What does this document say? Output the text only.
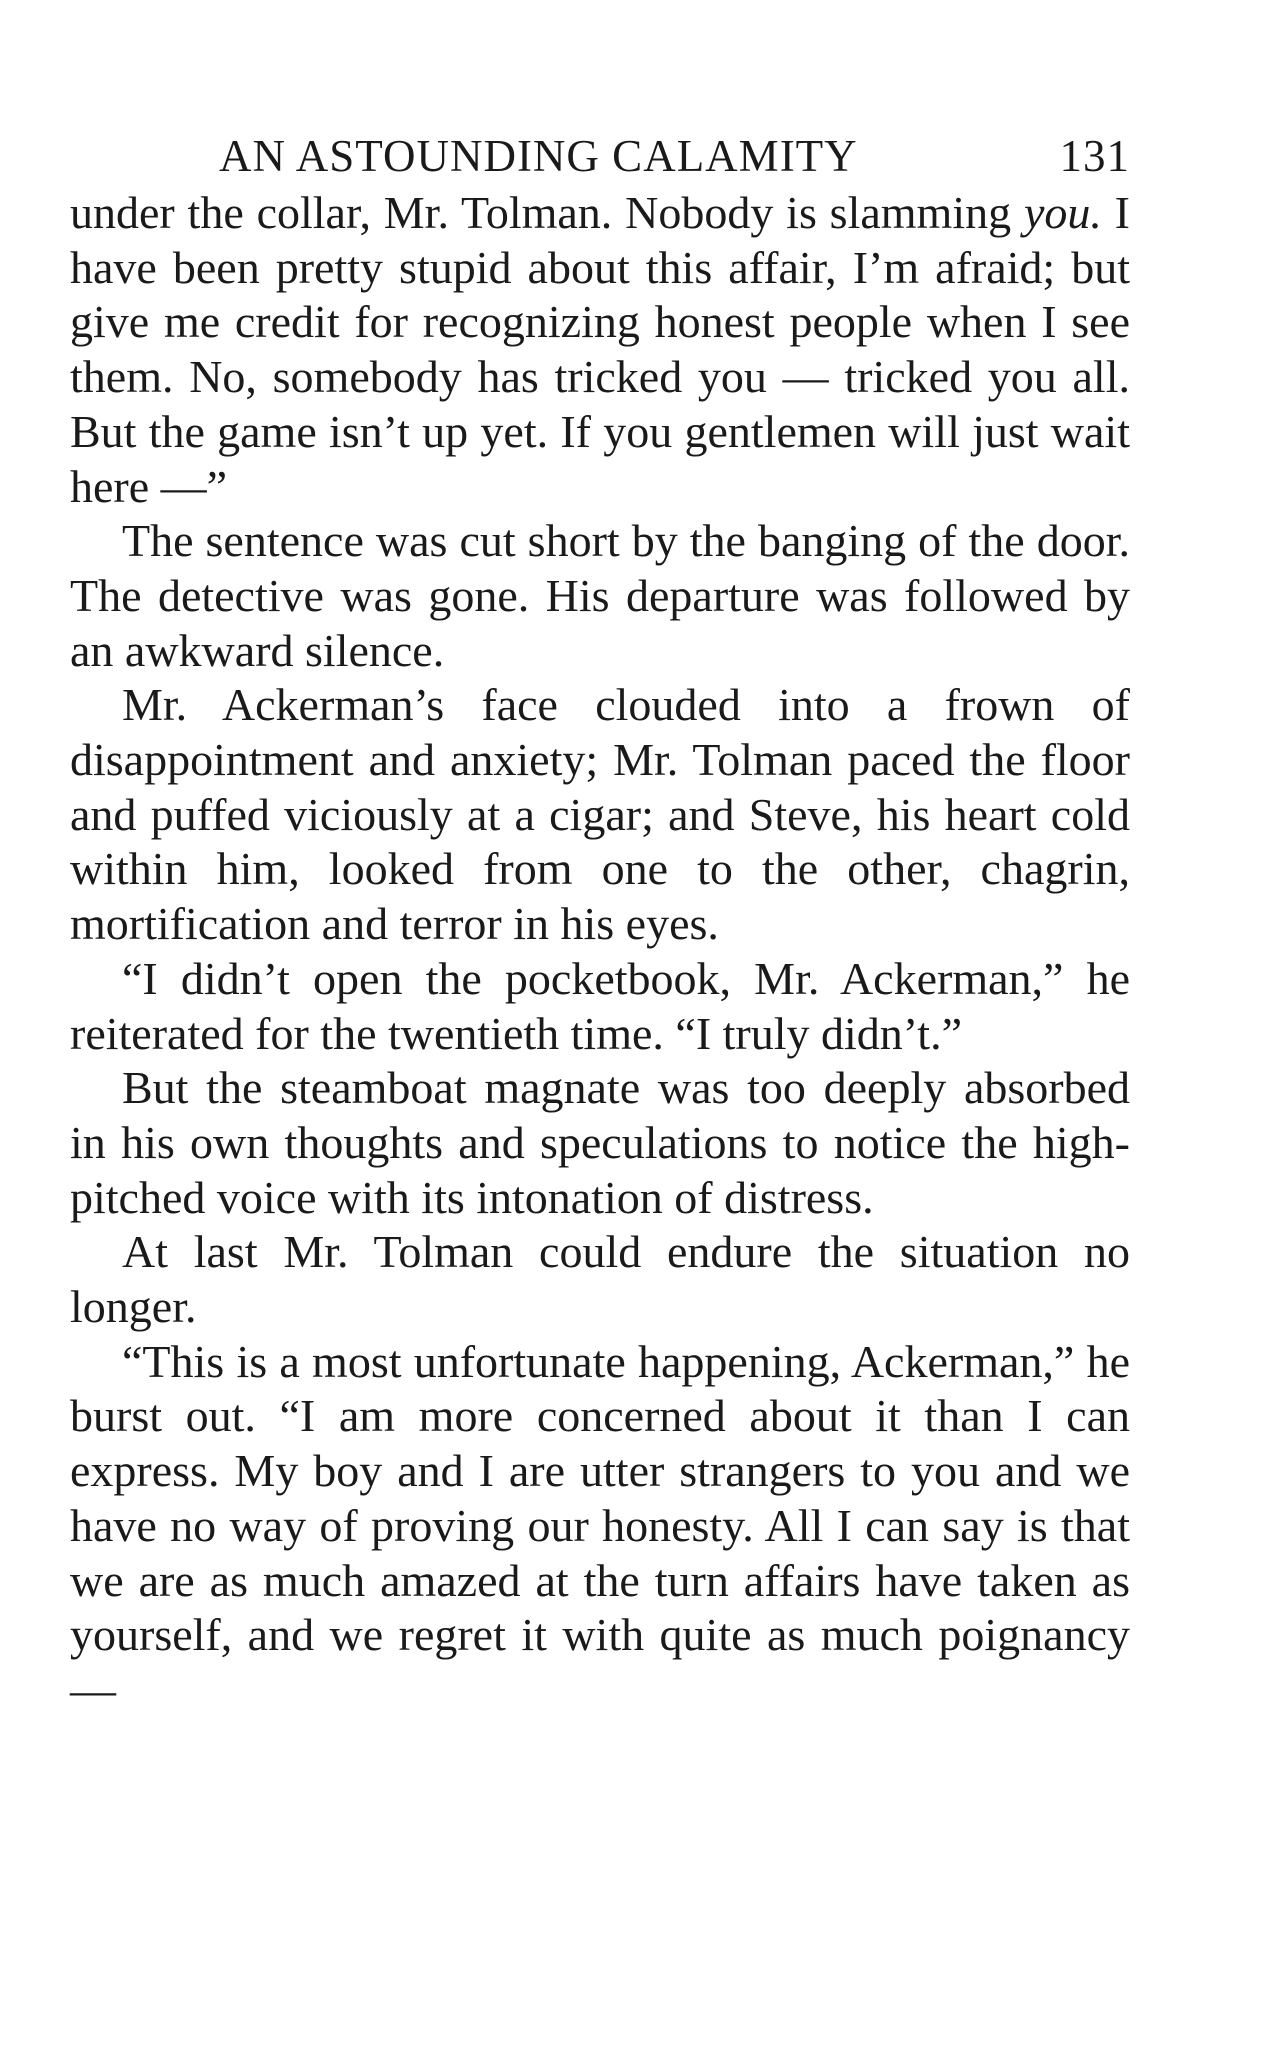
AN ASTOUNDING CALAMITY	131

under the collar, Mr. Tolman. Nobody is slamming you. I have been pretty stupid about this affair, I’m afraid; but give me credit for recognizing honest people when I see them. No, somebody has tricked you — tricked you all. But the game isn’t up yet. If you gentlemen will just wait here —”

The sentence was cut short by the banging of the door. The detective was gone. His departure was followed by an awkward silence.

Mr. Ackerman’s face clouded into a frown of disappointment and anxiety; Mr. Tolman paced the floor and puffed viciously at a cigar; and Steve, his heart cold within him, looked from one to the other, chagrin, mortification and terror in his eyes.

“I didn’t open the pocketbook, Mr. Ackerman,” he reiterated for the twentieth time. “I truly didn’t.”

But the steamboat magnate was too deeply absorbed in his own thoughts and speculations to notice the high-pitched voice with its intonation of distress.

At last Mr. Tolman could endure the situation no longer.

“This is a most unfortunate happening, Ackerman,” he burst out. “I am more concerned about it than I can express. My boy and I are utter strangers to you and we have no way of proving our honesty. All I can say is that we are as much amazed at the turn affairs have taken as yourself, and we regret it with quite as much poignancy —
